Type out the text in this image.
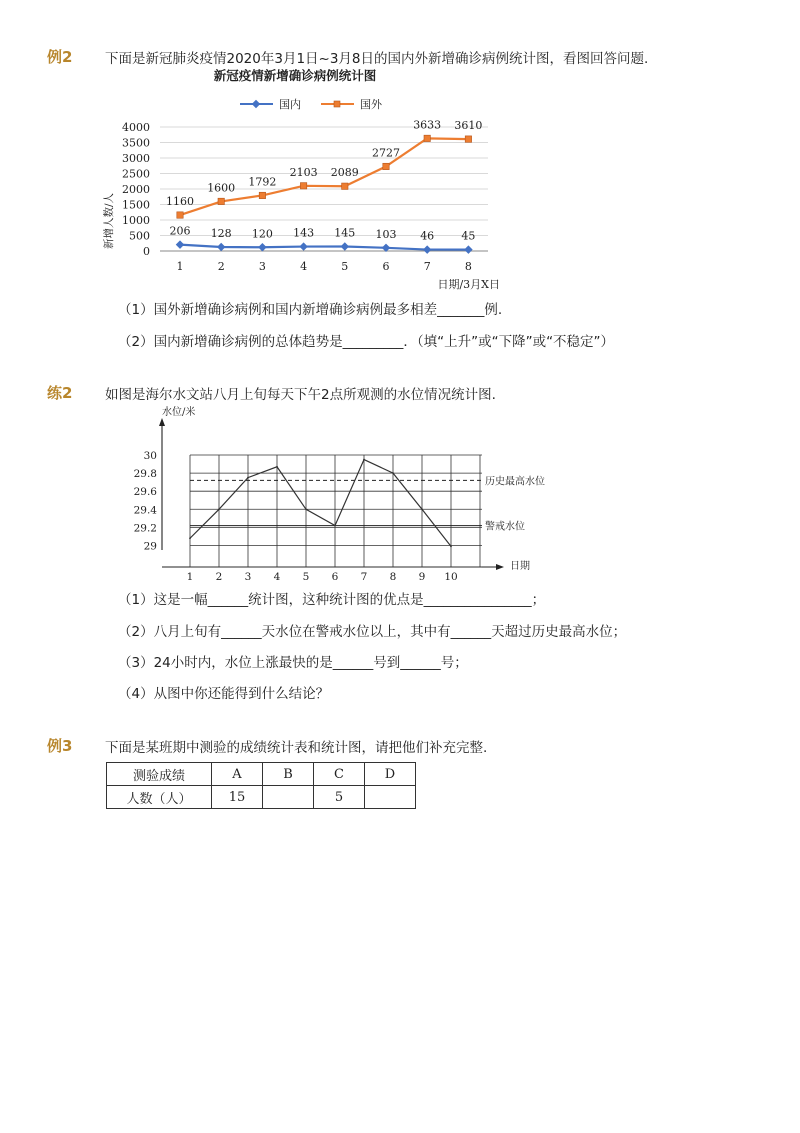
例2 下面是新冠肺炎疫情2020年3月1日~3月8日的国内外新增确诊病例统计图，看图回答问题.
新冠疫情新增确诊病例统计图
国内	国外
新增人数/人
日期/3月X日
0
500
1000
1500
2000
2500
3000
3500
4000
1	2	3	4	5	6	7	8
206 128 120 143 145 103 46 45
1160
1600 1792
2103 2089
2727
3633 3610
（1）国外新增确诊病例和国内新增确诊病例最多相差_______例.
（2）国内新增确诊病例的总体趋势是_________．（填“上升”或“下降”或“不稳定”）
练2 如图是海尔水文站八月上旬每天下午2点所观测的水位情况统计图.
水位/米
日期
29
29.2
29.4
29.6
29.8
30
1 2 3 4 5 6 7 8 9 10
历史最高水位
警戒水位
（1）这是一幅______统计图，这种统计图的优点是________________；
（2）八月上旬有______天水位在警戒水位以上，其中有______天超过历史最高水位；
（3）24小时内，水位上涨最快的是______号到______号；
（4）从图中你还能得到什么结论？
例3 下面是某班期中测验的成绩统计表和统计图，请把他们补充完整.
测验成绩	A	B	C	D
人数（人）	15		5	
